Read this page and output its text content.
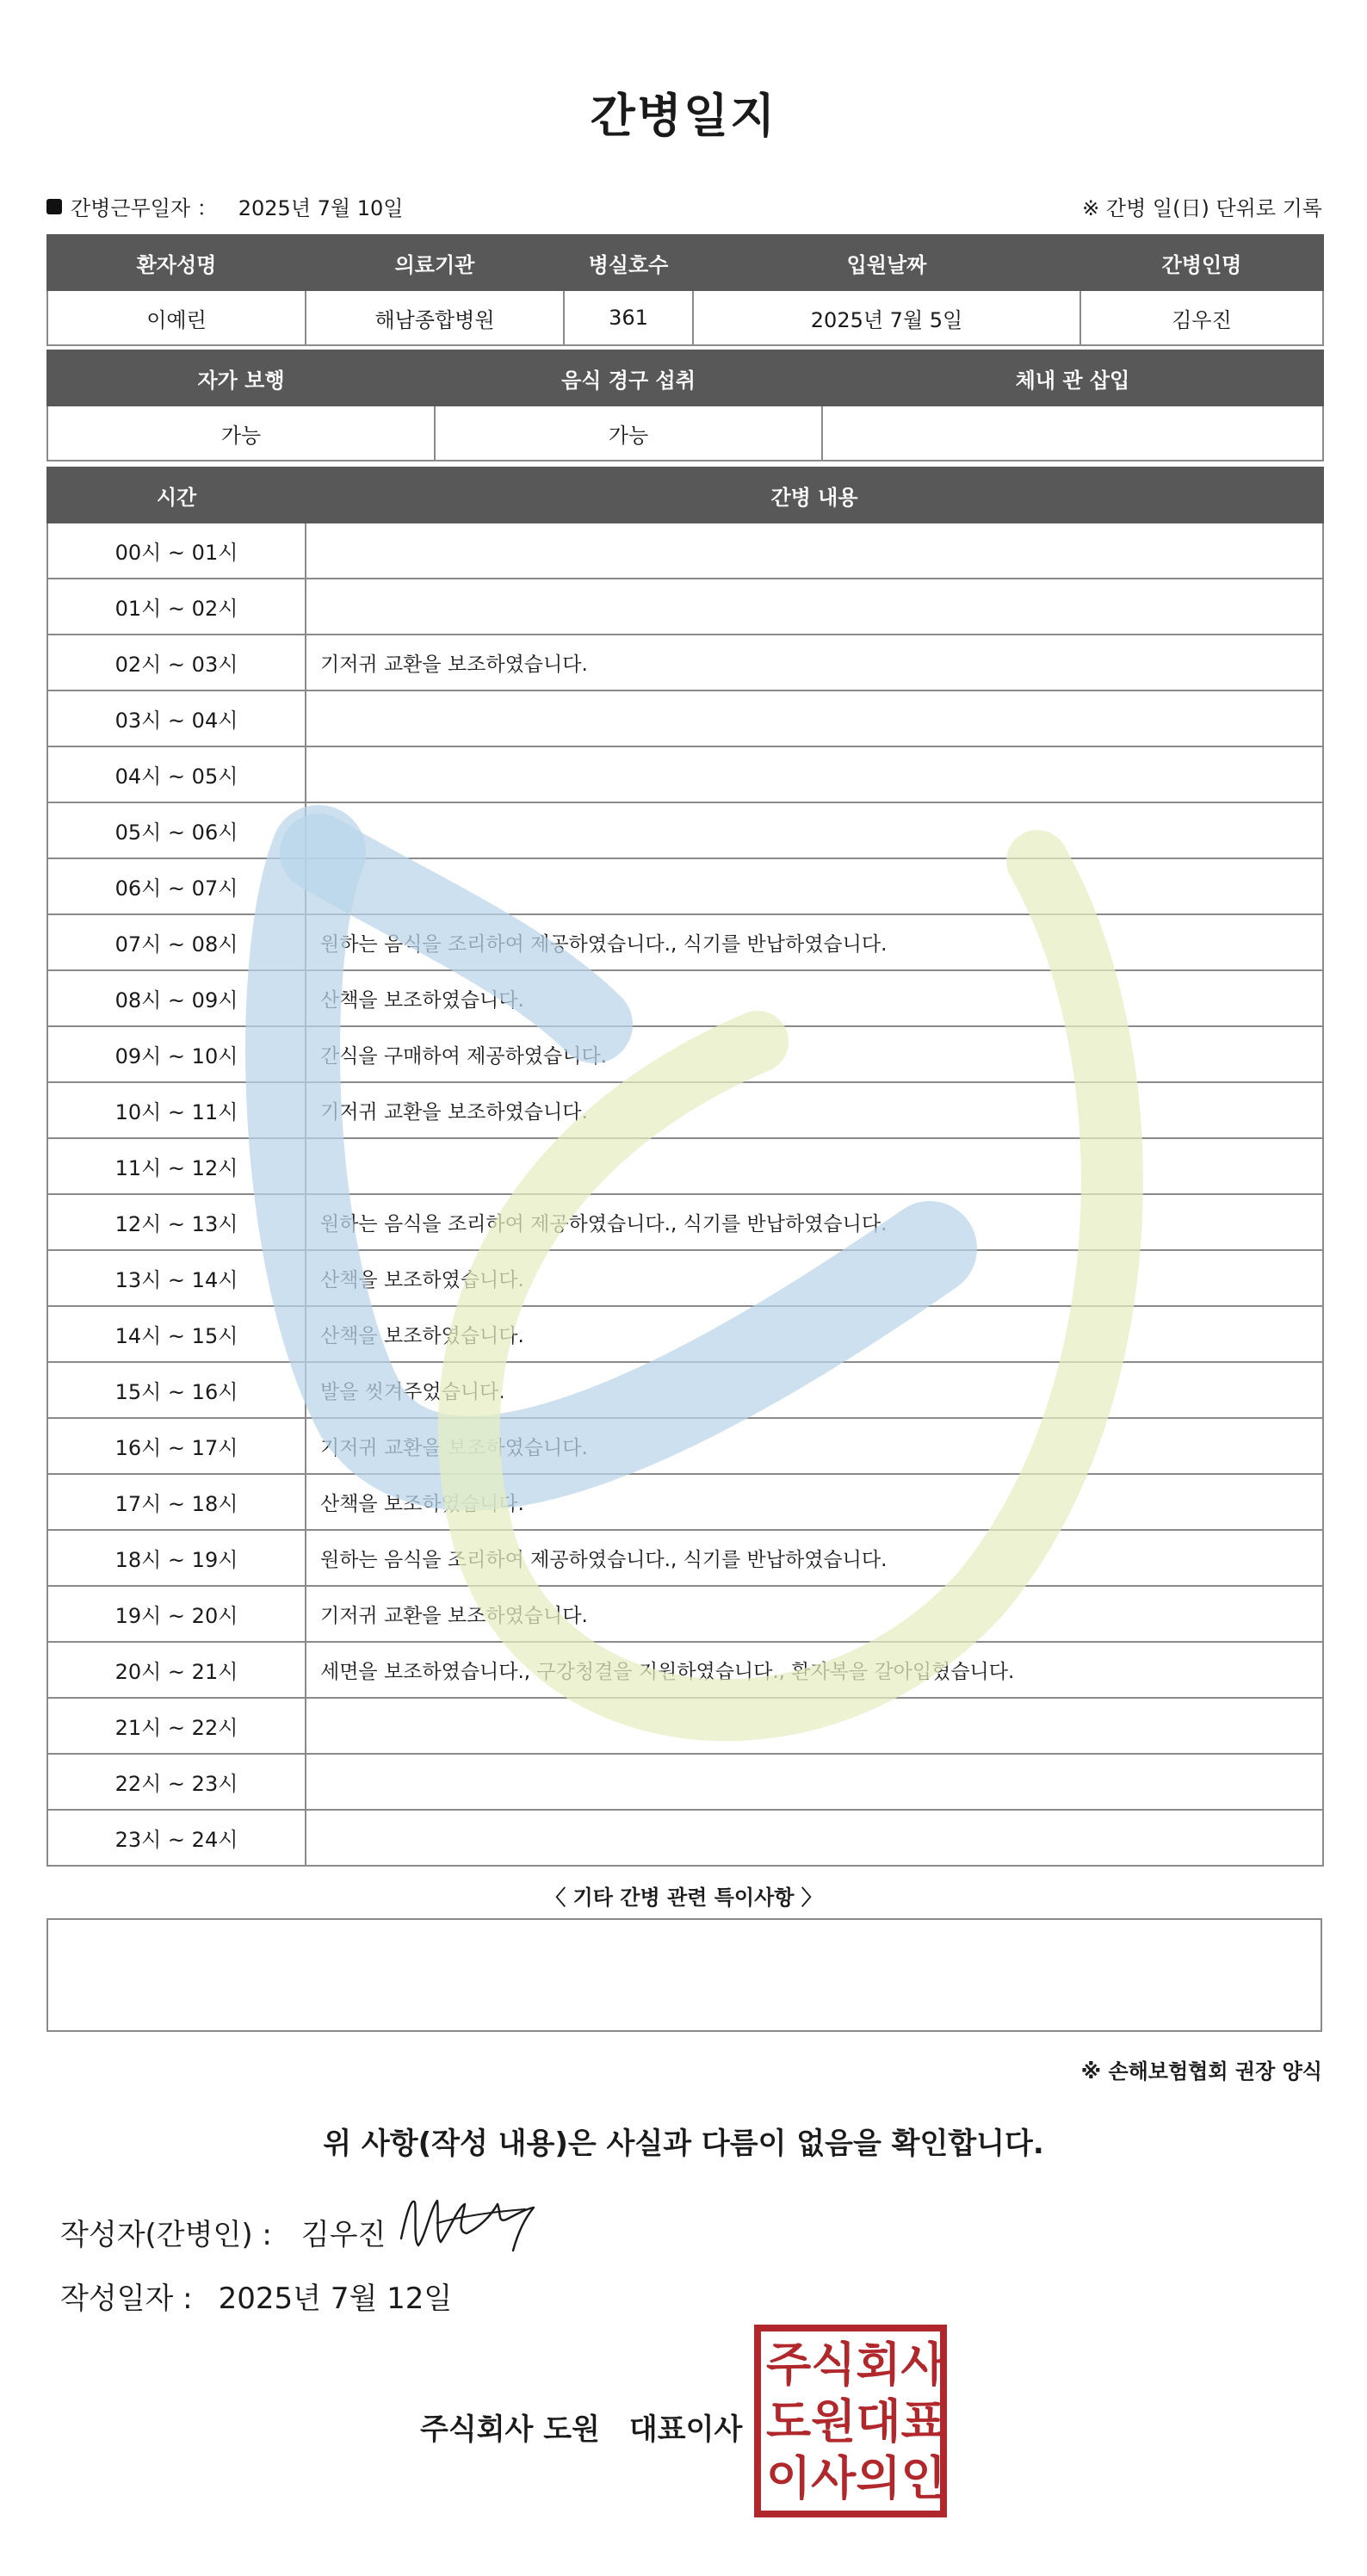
간병일지
간병근무일자 ： 2025년 7월 10일	※ 간병 일(日) 단위로 기록
환자성명	의료기관	병실호수	입원날짜	간병인명
이예린	해남종합병원	361	2025년 7월 5일	김우진
자가 보행	음식 경구 섭취	체내 관 삽입
가능	가능	
시간	간병 내용
00시 ~ 01시	
01시 ~ 02시	
02시 ~ 03시	기저귀 교환을 보조하였습니다.
03시 ~ 04시	
04시 ~ 05시	
05시 ~ 06시	
06시 ~ 07시	
07시 ~ 08시	원하는 음식을 조리하여 제공하였습니다., 식기를 반납하였습니다.
08시 ~ 09시	산책을 보조하였습니다.
09시 ~ 10시	간식을 구매하여 제공하였습니다.
10시 ~ 11시	기저귀 교환을 보조하였습니다.
11시 ~ 12시	
12시 ~ 13시	원하는 음식을 조리하여 제공하였습니다., 식기를 반납하였습니다.
13시 ~ 14시	산책을 보조하였습니다.
14시 ~ 15시	산책을 보조하였습니다.
15시 ~ 16시	발을 씻겨주었습니다.
16시 ~ 17시	기저귀 교환을 보조하였습니다.
17시 ~ 18시	산책을 보조하였습니다.
18시 ~ 19시	원하는 음식을 조리하여 제공하였습니다., 식기를 반납하였습니다.
19시 ~ 20시	기저귀 교환을 보조하였습니다.
20시 ~ 21시	세면을 보조하였습니다., 구강청결을 지원하였습니다., 환자복을 갈아입혔습니다.
21시 ~ 22시	
22시 ~ 23시	
23시 ~ 24시	
〈 기타 간병 관련 특이사항 〉
※ 손해보험협회 권장 양식
위 사항(작성 내용)은 사실과 다름이 없음을 확인합니다.
작성자(간병인) : 김우진
작성일자 : 2025년 7월 12일
주식회사 도원 대표이사
주 식 회 사
도 원 대 표
이 사 의 인
